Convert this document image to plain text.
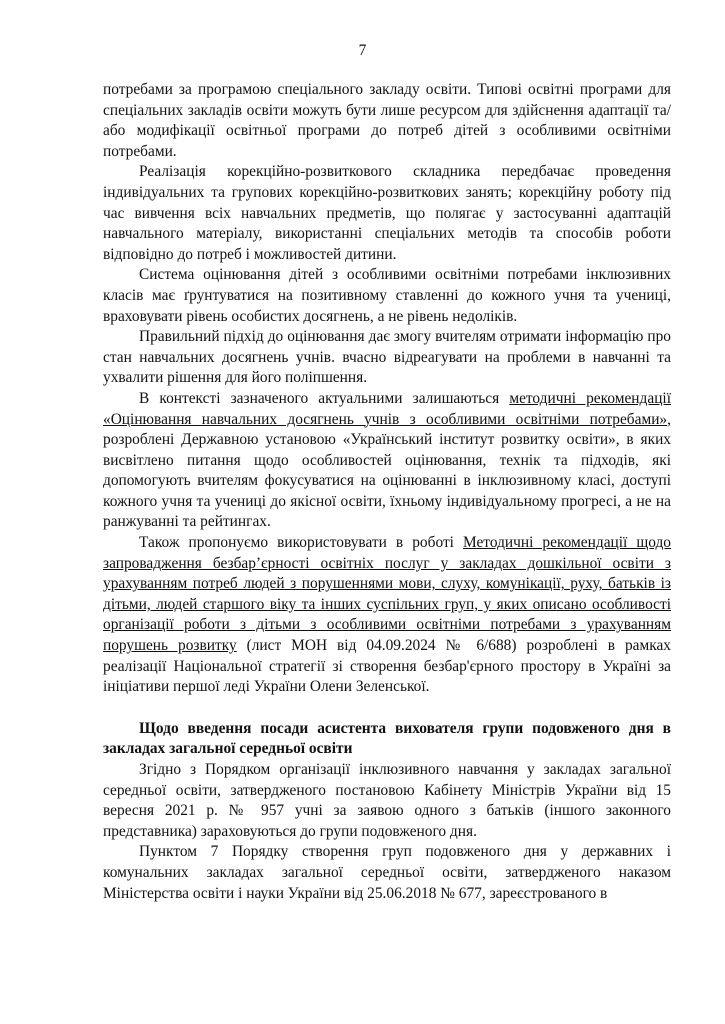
7

потребами за програмою спеціального закладу освіти. Типові освітні програми для спеціальних закладів освіти можуть бути лише ресурсом для здійснення адаптації та/або модифікації освітньої програми до потреб дітей з особливими освітніми потребами.

Реалізація корекційно-розвиткового складника передбачає проведення індивідуальних та групових корекційно-розвиткових занять; корекційну роботу під час вивчення всіх навчальних предметів, що полягає у застосуванні адаптацій навчального матеріалу, використанні спеціальних методів та способів роботи відповідно до потреб і можливостей дитини.

Система оцінювання дітей з особливими освітніми потребами інклюзивних класів має ґрунтуватися на позитивному ставленні до кожного учня та учениці, враховувати рівень особистих досягнень, а не рівень недоліків.

Правильний підхід до оцінювання дає змогу вчителям отримати інформацію про стан навчальних досягнень учнів. вчасно відреагувати на проблеми в навчанні та ухвалити рішення для його поліпшення.

В контексті зазначеного актуальними залишаються методичні рекомендації «Оцінювання навчальних досягнень учнів з особливими освітніми потребами», розроблені Державною установою «Український інститут розвитку освіти», в яких висвітлено питання щодо особливостей оцінювання, технік та підходів, які допомогують вчителям фокусуватися на оцінюванні в інклюзивному класі, доступі кожного учня та учениці до якісної освіти, їхньому індивідуальному прогресі, а не на ранжуванні та рейтингах.

Також пропонуємо використовувати в роботі Методичні рекомендації щодо запровадження безбар’єрності освітніх послуг у закладах дошкільної освіти з урахуванням потреб людей з порушеннями мови, слуху, комунікації, руху, батьків із дітьми, людей старшого віку та інших суспільних груп, у яких описано особливості організації роботи з дітьми з особливими освітніми потребами з урахуванням порушень розвитку (лист МОН від 04.09.2024 № 6/688) розроблені в рамках реалізації Національної стратегії зі створення безбар'єрного простору в Україні за ініціативи першої леді України Олени Зеленської.

Щодо введення посади асистента вихователя групи подовженого дня в закладах загальної середньої освіти

Згідно з Порядком організації інклюзивного навчання у закладах загальної середньої освіти, затвердженого постановою Кабінету Міністрів України від 15 вересня 2021 р. № 957 учні за заявою одного з батьків (іншого законного представника) зараховуються до групи подовженого дня.

Пунктом 7 Порядку створення груп подовженого дня у державних і комунальних закладах загальної середньої освіти, затвердженого наказом Міністерства освіти і науки України від 25.06.2018 № 677, зареєстрованого в
